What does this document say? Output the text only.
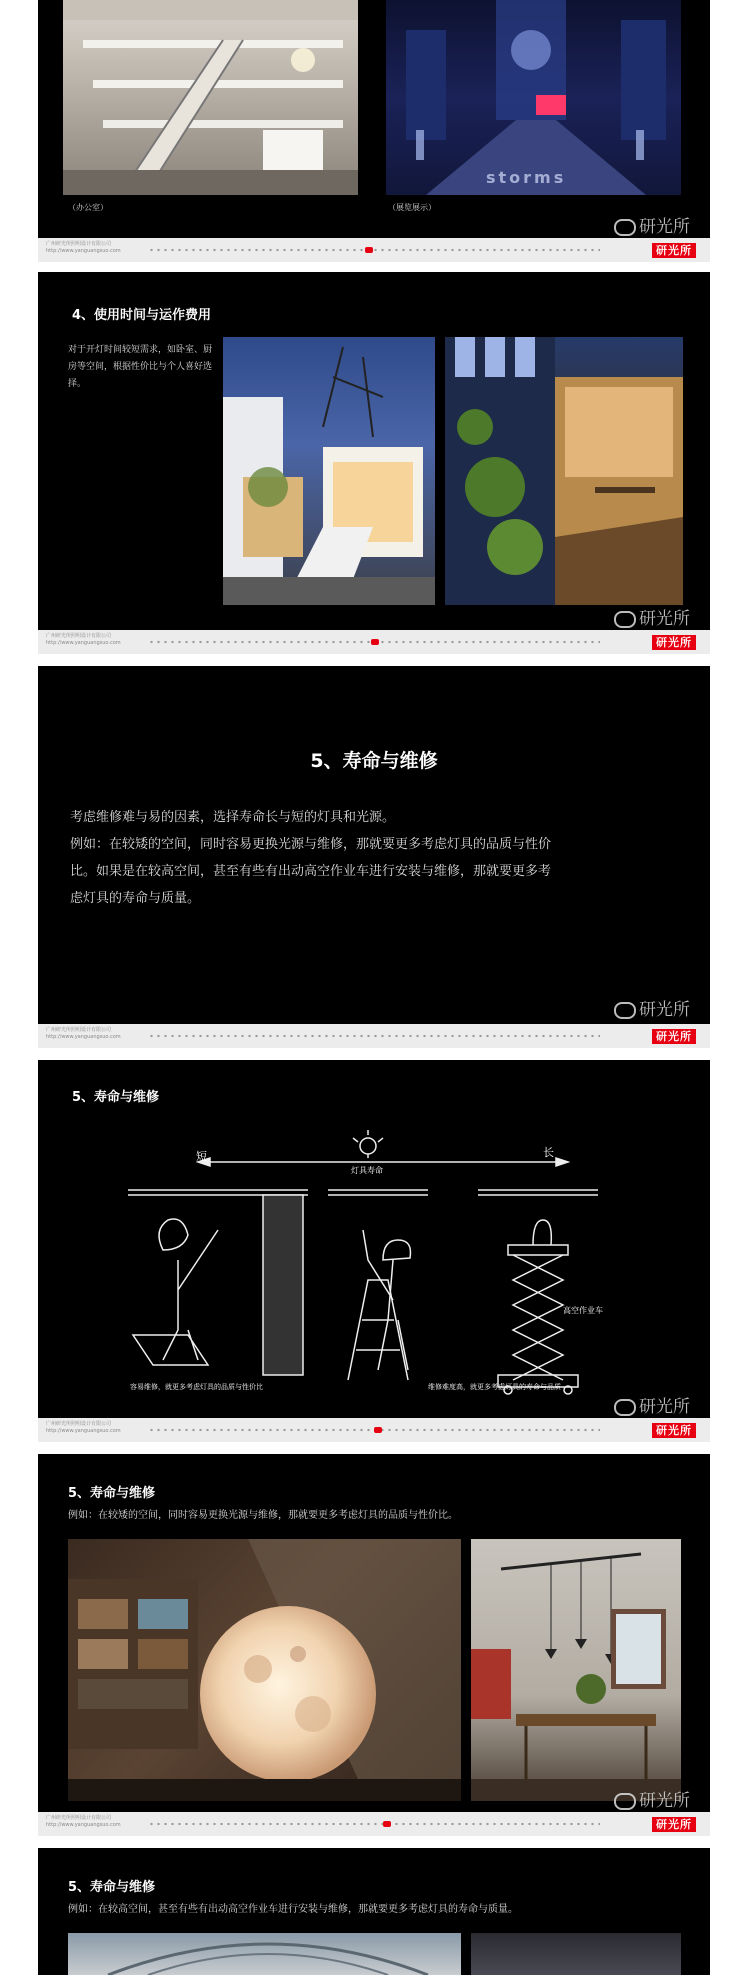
storms
（办公室）	（展览展示）
研光所
广州研光所照明设计有限公司
http://www.yanguangsuo.com	研光所
4、使用时间与运作费用
对于开灯时间较短需求，如卧室、厨房等空间，根据性价比与个人喜好选择。
研光所
广州研光所照明设计有限公司
http://www.yanguangsuo.com	研光所
5、寿命与维修
考虑维修难与易的因素，选择寿命长与短的灯具和光源。
例如：在较矮的空间，同时容易更换光源与维修，那就要更多考虑灯具的品质与性价
比。如果是在较高空间，甚至有些有出动高空作业车进行安装与维修，那就要更多考
虑灯具的寿命与质量。
研光所
广州研光所照明设计有限公司
http://www.yanguangsuo.com	研光所
5、寿命与维修
短	长
灯具寿命
高空作业车
容易维修，就更多考虑灯具的品质与性价比	维修难度高，就更多考虑灯具的寿命与品质
研光所
广州研光所照明设计有限公司
http://www.yanguangsuo.com	研光所
5、寿命与维修
例如：在较矮的空间，同时容易更换光源与维修，那就要更多考虑灯具的品质与性价比。
研光所
广州研光所照明设计有限公司
http://www.yanguangsuo.com	研光所
5、寿命与维修
例如：在较高空间，甚至有些有出动高空作业车进行安装与维修，那就要更多考虑灯具的寿命与质量。
